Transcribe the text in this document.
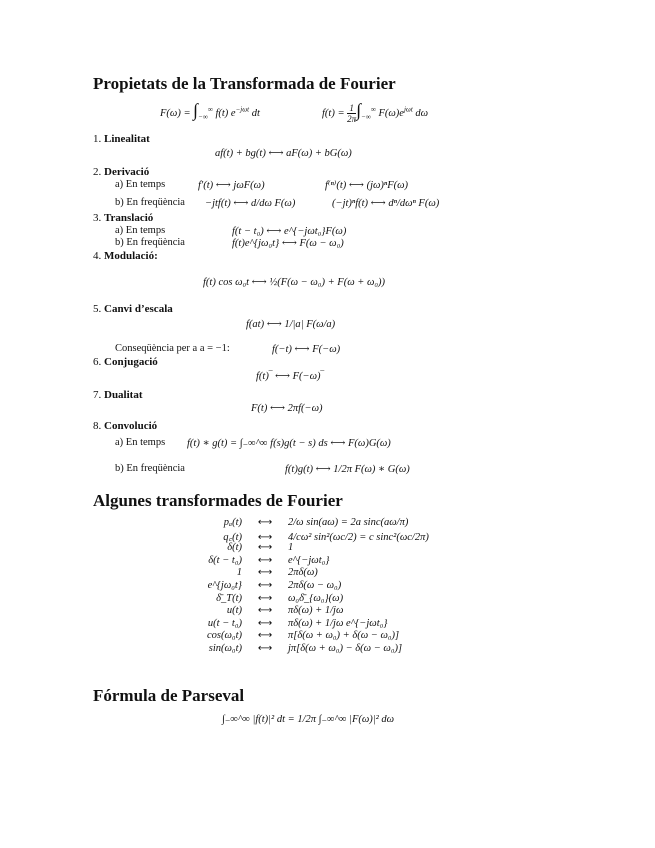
Propietats de la Transformada de Fourier
$F(\omega) = \int_{-\infty}^\infty$ f(t) $e^{-j\omega t}$ dt	$f(t) = \frac{1}{2\pi} \int_{-\infty}^\infty$ $F(\omega)e^{j\omega t}$ dω
1. Linealitat
af(t) + bg(t) ⟷ aF(ω) + bG(ω)
2. Derivació
a) En temps	f′(t) ⟷ jωF(ω)	f⁽ⁿ⁾(t) ⟷ (jω)ⁿF(ω)
b) En freqüència −jtf(t) ⟷ d/dω F(ω)	(−jt)ⁿf(t) ⟷ dⁿ/dωⁿ F(ω)
3. Translació
a) En temps	f(t − t₀) ⟷ e^{−jωt₀}F(ω)
b) En freqüència	f(t)e^{jω₀t} ⟷ F(ω − ω₀)
4. Modulació:
f(t) cos ω₀t ⟷ ½(F(ω − ω₀) + F(ω + ω₀))
5. Canvi d’escala
f(at) ⟷ 1/|a| F(ω/a)
Conseqüència per a a = −1:	f(−t) ⟷ F(−ω)
6. Conjugació
f(t)‾ ⟷ F(−ω)‾
7. Dualitat
F(t) ⟷ 2πf(−ω)
8. Convolució
a) En temps f(t) ∗ g(t) = ∫₋∞^∞ f(s)g(t − s) ds ⟷ F(ω)G(ω)
b) En freqüència	f(t)g(t) ⟷ 1/2π F(ω) ∗ G(ω)
Algunes transformades de Fourier
pₐ(t) ⟷ 2/ω sin(aω) = 2a sinc(aω/π)
q꜀(t) ⟷ 4/cω² sin²(ωc/2) = c sinc²(ωc/2π)
δ(t) ⟷ 1
δ(t − t₀) ⟷ e^{−jωt₀}
1 ⟷ 2πδ(ω)
e^{jω₀t} ⟷ 2πδ(ω − ω₀)
δ̄_T(t) ⟷ ω₀δ̄_{ω₀}(ω)
u(t) ⟷ πδ(ω) + 1/jω
u(t − t₀) ⟷ πδ(ω) + 1/jω e^{−jωt₀}
cos(ω₀t) ⟷ π[δ(ω + ω₀) + δ(ω − ω₀)]
sin(ω₀t) ⟷ jπ[δ(ω + ω₀) − δ(ω − ω₀)]
Fórmula de Parseval
∫₋∞^∞ |f(t)|² dt = 1/2π ∫₋∞^∞ |F(ω)|² dω
